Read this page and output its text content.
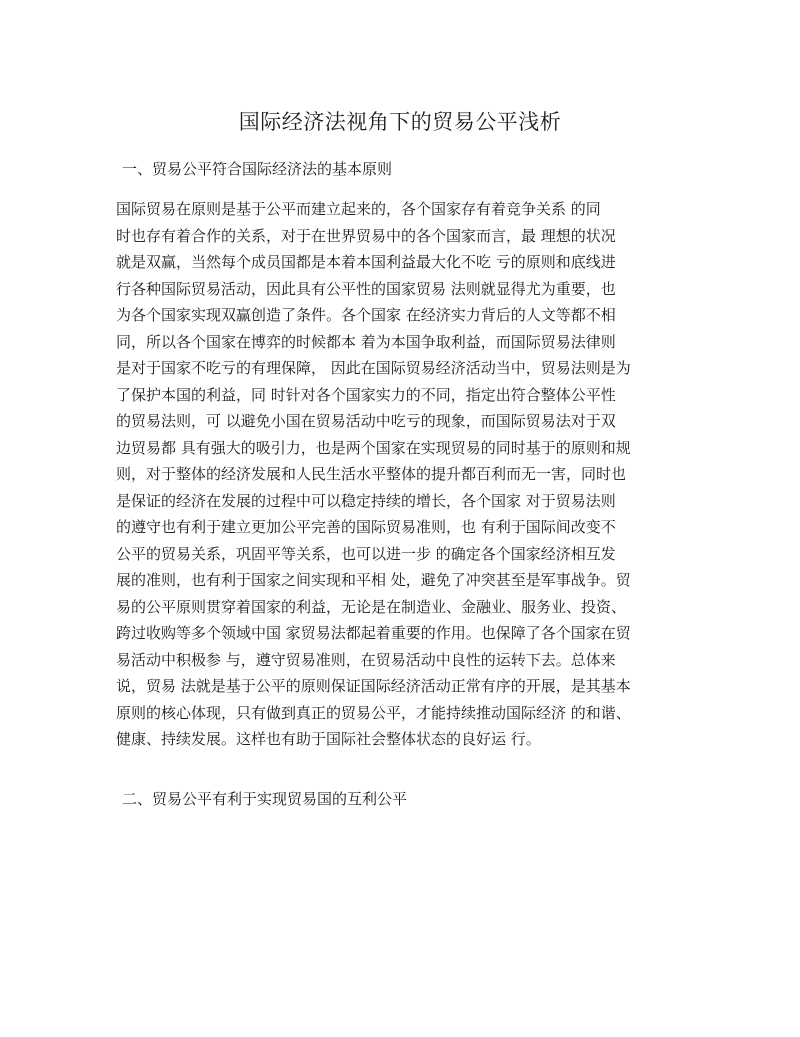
国际经济法视角下的贸易公平浅析
一、贸易公平符合国际经济法的基本原则
国际贸易在原则是基于公平而建立起来的，各个国家存有着竞争关系 的同
时也存有着合作的关系，对于在世界贸易中的各个国家而言，最 理想的状况
就是双赢，当然每个成员国都是本着本国利益最大化不吃 亏的原则和底线进
行各种国际贸易活动，因此具有公平性的国家贸易 法则就显得尤为重要，也
为各个国家实现双赢创造了条件。各个国家 在经济实力背后的人文等都不相
同，所以各个国家在博弈的时候都本 着为本国争取利益，而国际贸易法律则
是对于国家不吃亏的有理保障， 因此在国际贸易经济活动当中，贸易法则是为
了保护本国的利益，同 时针对各个国家实力的不同，指定出符合整体公平性
的贸易法则，可 以避免小国在贸易活动中吃亏的现象，而国际贸易法对于双
边贸易都 具有强大的吸引力，也是两个国家在实现贸易的同时基于的原则和规
则，对于整体的经济发展和人民生活水平整体的提升都百利而无一害，同时也
是保证的经济在发展的过程中可以稳定持续的增长，各个国家 对于贸易法则
的遵守也有利于建立更加公平完善的国际贸易准则，也 有利于国际间改变不
公平的贸易关系，巩固平等关系，也可以进一步 的确定各个国家经济相互发
展的准则，也有利于国家之间实现和平相 处，避免了冲突甚至是军事战争。贸
易的公平原则贯穿着国家的利益，无论是在制造业、金融业、服务业、投资、
跨过收购等多个领域中国 家贸易法都起着重要的作用。也保障了各个国家在贸
易活动中积极参 与，遵守贸易准则，在贸易活动中良性的运转下去。总体来
说，贸易 法就是基于公平的原则保证国际经济活动正常有序的开展，是其基本
原则的核心体现，只有做到真正的贸易公平，才能持续推动国际经济 的和谐、
健康、持续发展。这样也有助于国际社会整体状态的良好运 行。
二、贸易公平有利于实现贸易国的互利公平
